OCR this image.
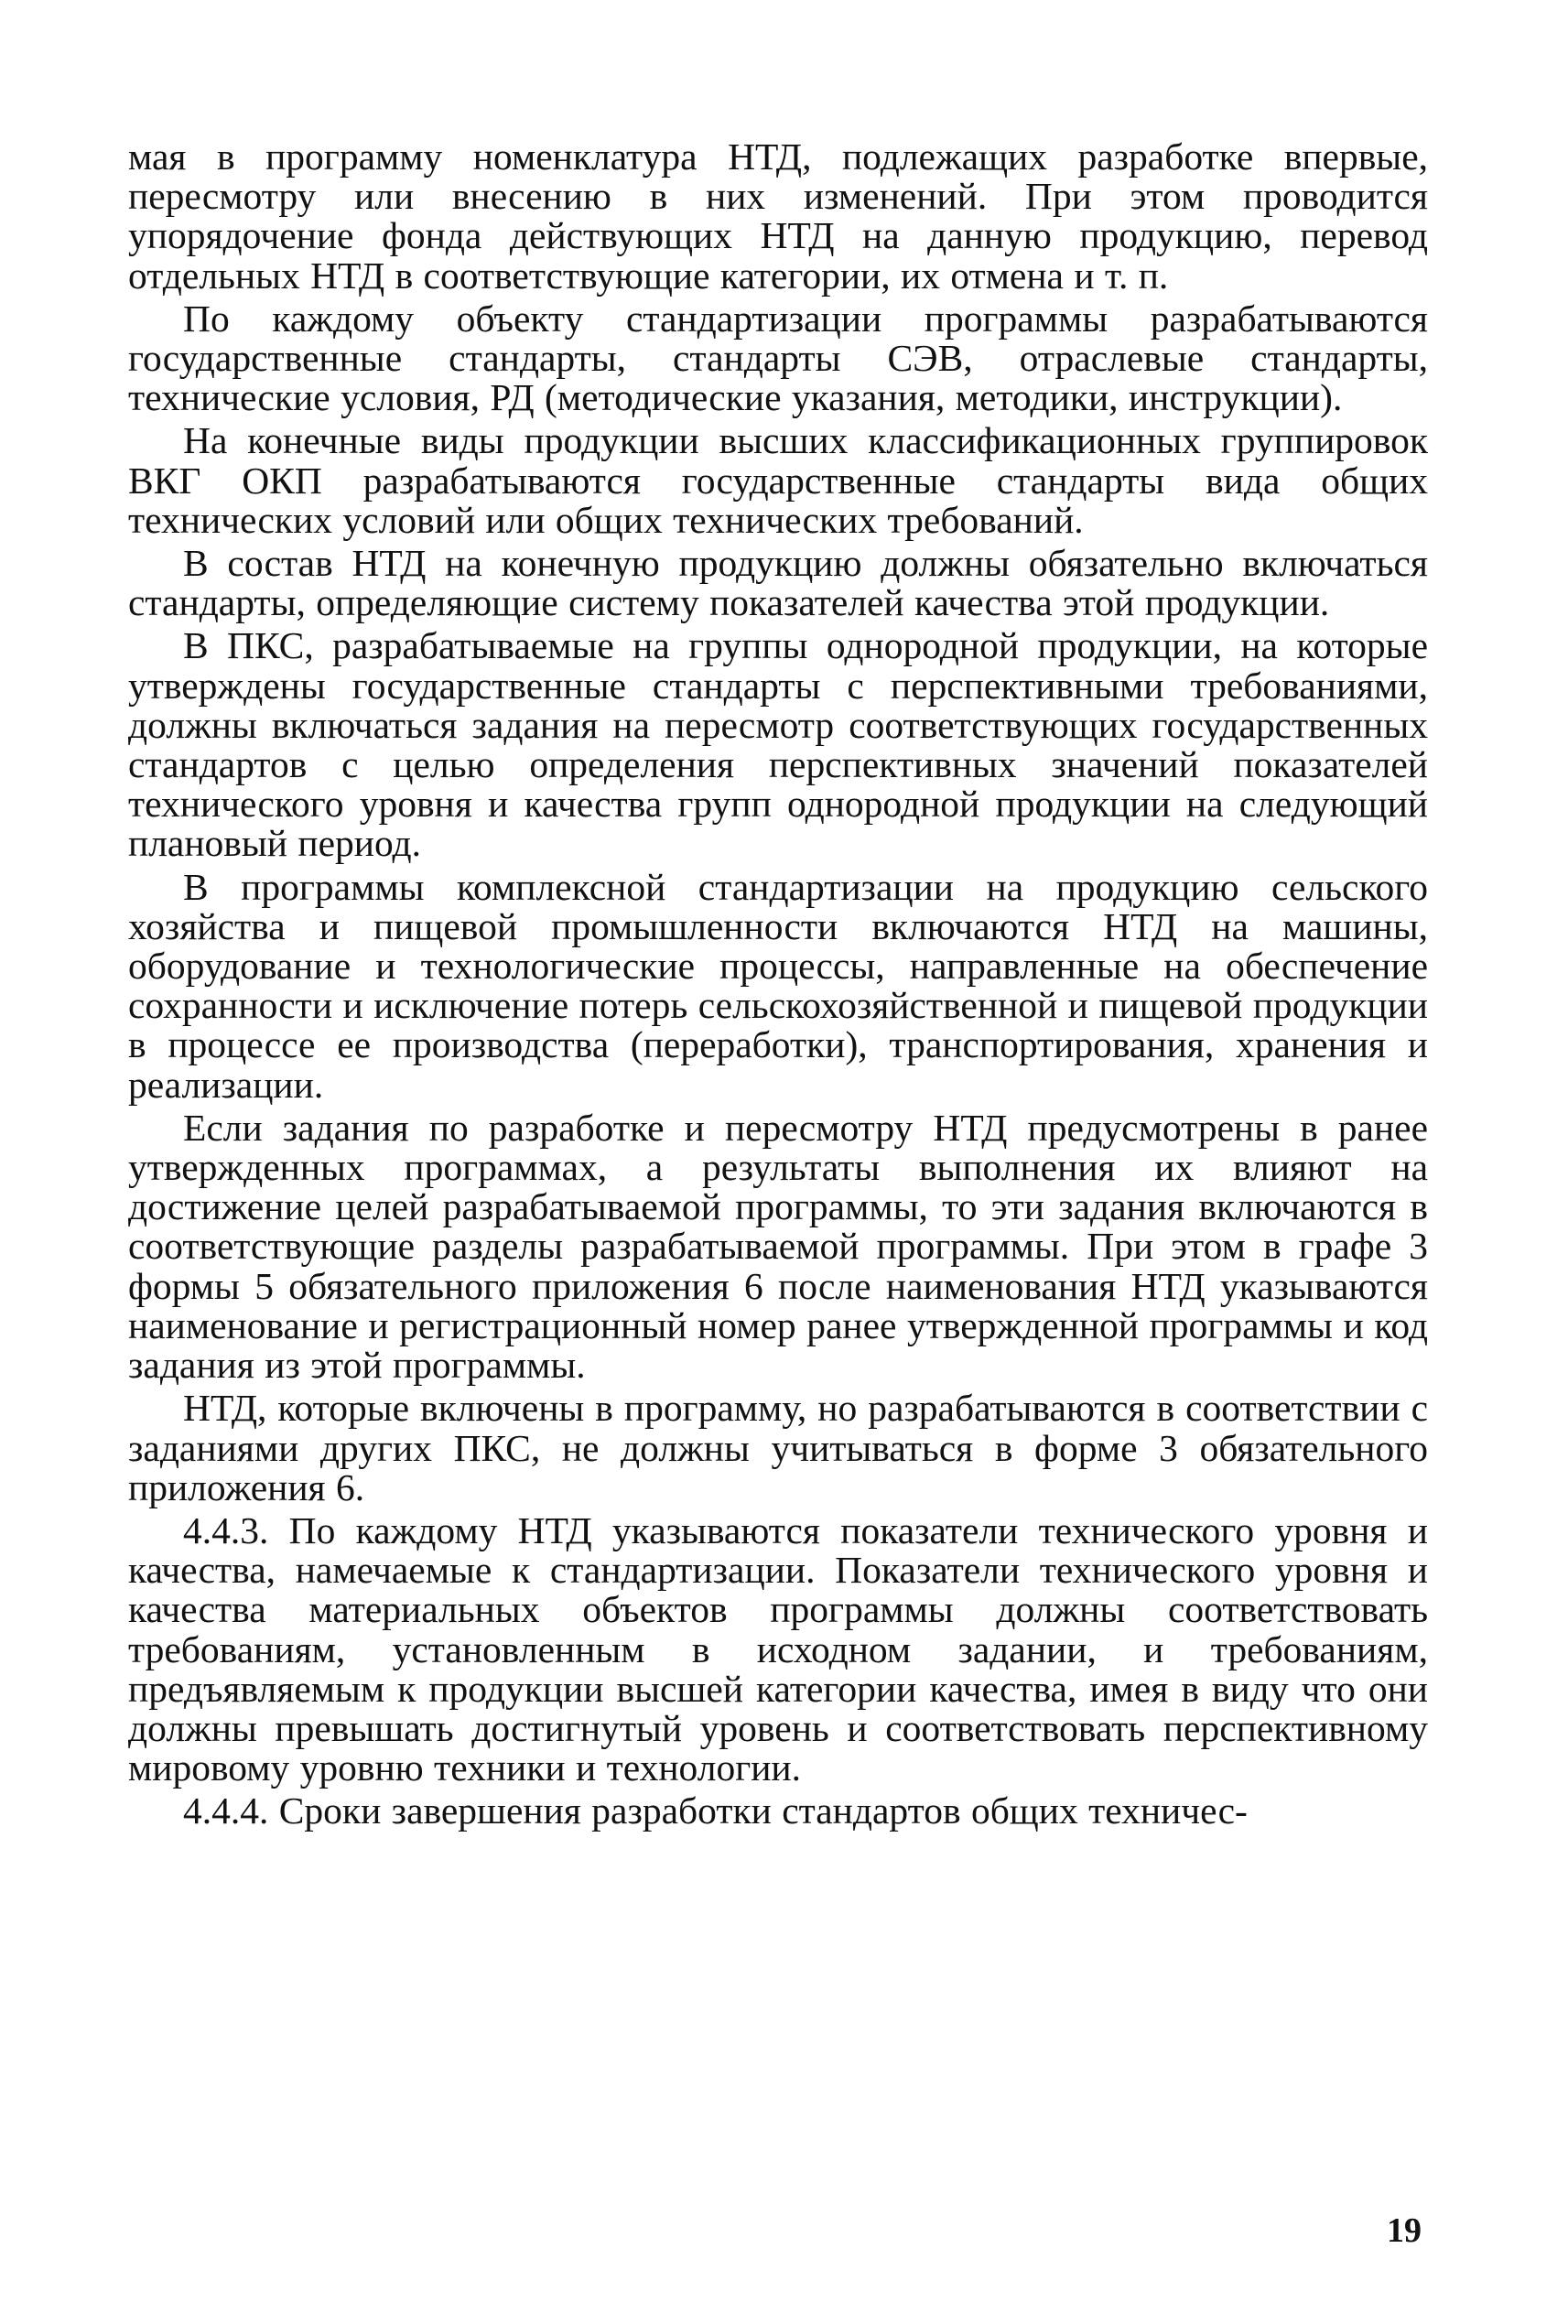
мая в программу номенклатура НТД, подлежащих разработке впервые, пересмотру или внесению в них изменений. При этом проводится упорядочение фонда действующих НТД на данную продукцию, перевод отдельных НТД в соответствующие категории, их отмена и т. п.

По каждому объекту стандартизации программы разрабатываются государственные стандарты, стандарты СЭВ, отраслевые стандарты, технические условия, РД (методические указания, методики, инструкции).

На конечные виды продукции высших классификационных группировок ВКГ ОКП разрабатываются государственные стандарты вида общих технических условий или общих технических требований.

В состав НТД на конечную продукцию должны обязательно включаться стандарты, определяющие систему показателей качества этой продукции.

В ПКС, разрабатываемые на группы однородной продукции, на которые утверждены государственные стандарты с перспективными требованиями, должны включаться задания на пересмотр соответствующих государственных стандартов с целью определения перспективных значений показателей технического уровня и качества групп однородной продукции на следующий плановый период.

В программы комплексной стандартизации на продукцию сельского хозяйства и пищевой промышленности включаются НТД на машины, оборудование и технологические процессы, направленные на обеспечение сохранности и исключение потерь сельскохозяйственной и пищевой продукции в процессе ее производства (переработки), транспортирования, хранения и реализации.

Если задания по разработке и пересмотру НТД предусмотрены в ранее утвержденных программах, а результаты выполнения их влияют на достижение целей разрабатываемой программы, то эти задания включаются в соответствующие разделы разрабатываемой программы. При этом в графе 3 формы 5 обязательного приложения 6 после наименования НТД указываются наименование и регистрационный номер ранее утвержденной программы и код задания из этой программы.

НТД, которые включены в программу, но разрабатываются в соответствии с заданиями других ПКС, не должны учитываться в форме 3 обязательного приложения 6.

4.4.3. По каждому НТД указываются показатели технического уровня и качества, намечаемые к стандартизации. Показатели технического уровня и качества материальных объектов программы должны соответствовать требованиям, установленным в исходном задании, и требованиям, предъявляемым к продукции высшей категории качества, имея в виду что они должны превышать достигнутый уровень и соответствовать перспективному мировому уровню техники и технологии.

4.4.4. Сроки завершения разработки стандартов общих техничес-

19
